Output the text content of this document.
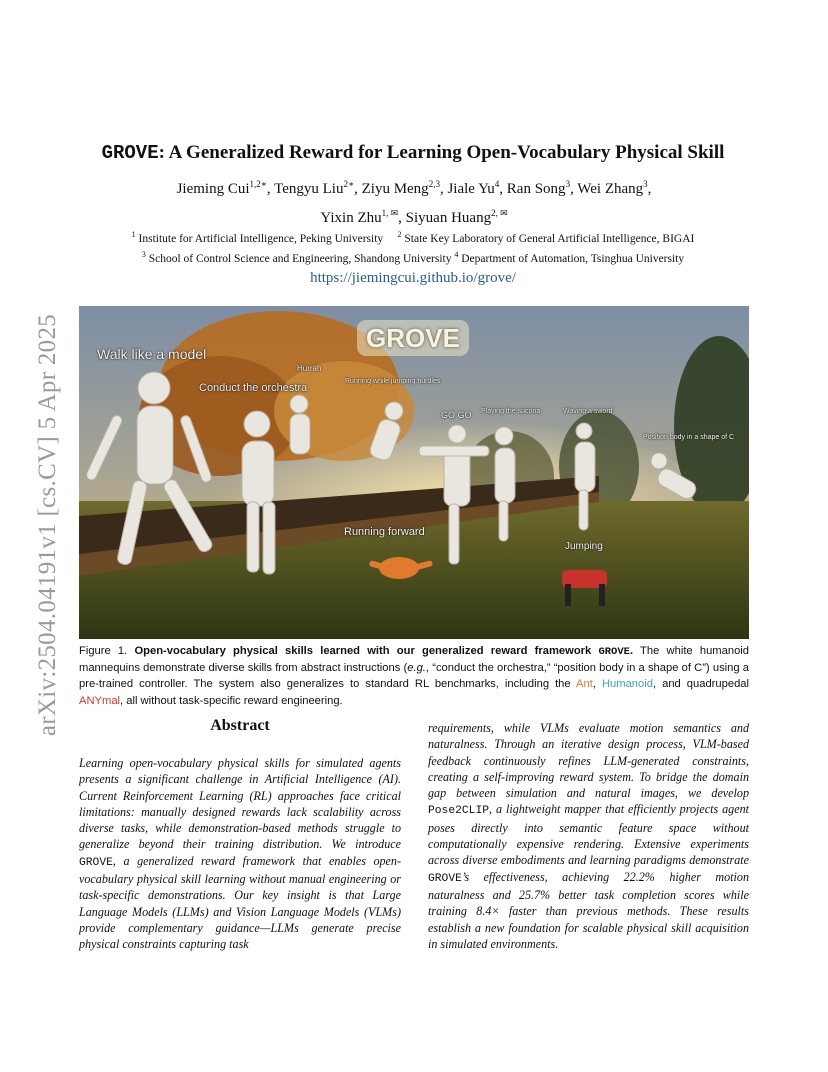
arXiv:2504.04191v1 [cs.CV] 5 Apr 2025
GROVE: A Generalized Reward for Learning Open-Vocabulary Physical Skill
Jieming Cui$^{1,2∗}$, Tengyu Liu$^{2∗}$, Ziyu Meng$^{2,3}$, Jiale Yu$^4$, Ran Song$^3$, Wei Zhang$^3$,
Yixin Zhu$^{1, ✉}$, Siyuan Huang$^{2, ✉}$
$^1$ Institute for Artificial Intelligence, Peking University $^2$ State Key Laboratory of General Artificial Intelligence, BIGAI
$^3$ School of Control Science and Engineering, Shandong University $^4$ Department of Automation, Tsinghua University
https://jiemingcui.github.io/grove/
GROVE
Walk like a model
Conduct the orchestra
Hurrah
Running while jumping hurdles
GO GO Playing the sucona	Waving a sword
Position body in a shape of C
Running forward
Jumping
Figure 1. Open-vocabulary physical skills learned with our generalized reward framework GROVE. The white humanoid mannequins demonstrate diverse skills from abstract instructions (e.g., “conduct the orchestra,” “position body in a shape of C”) using a pre-trained controller. The system also generalizes to standard RL benchmarks, including the Ant, Humanoid, and quadrupedal ANYmal, all without task-specific reward engineering.
Abstract
Learning open-vocabulary physical skills for simulated agents presents a significant challenge in Artificial Intelligence (AI). Current Reinforcement Learning (RL) approaches face critical limitations: manually designed rewards lack scalability across diverse tasks, while demonstration-based methods struggle to generalize beyond their training distribution. We introduce GROVE, a generalized reward framework that enables open-vocabulary physical skill learning without manual engineering or task-specific demonstrations. Our key insight is that Large Language Models (LLMs) and Vision Language Models (VLMs) provide complementary guidance—LLMs generate precise physical constraints capturing task
requirements, while VLMs evaluate motion semantics and naturalness. Through an iterative design process, VLM-based feedback continuously refines LLM-generated constraints, creating a self-improving reward system. To bridge the domain gap between simulation and natural images, we develop Pose2CLIP, a lightweight mapper that efficiently projects agent poses directly into semantic feature space without computationally expensive rendering. Extensive experiments across diverse embodiments and learning paradigms demonstrate GROVE’s effectiveness, achieving 22.2% higher motion naturalness and 25.7% better task completion scores while training 8.4× faster than previous methods. These results establish a new foundation for scalable physical skill acquisition in simulated environments.
